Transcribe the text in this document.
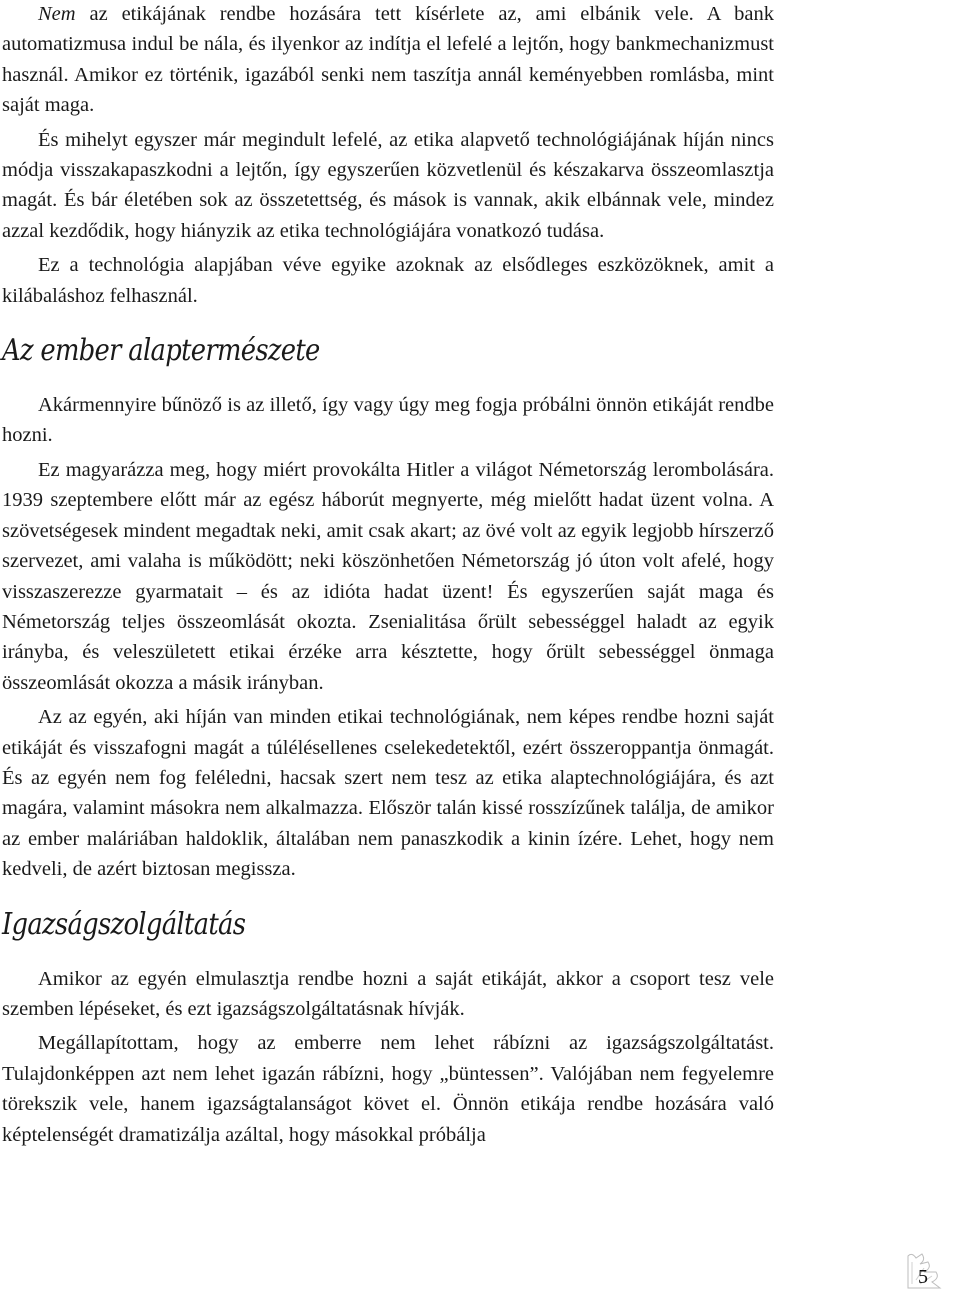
Nem az etikájának rendbe hozására tett kísérlete az, ami elbánik vele. A bank automatizmusa indul be nála, és ilyenkor az indítja el lefelé a lejtőn, hogy bankmechanizmust használ. Amikor ez történik, igazából senki nem taszítja annál keményebben romlásba, mint saját maga.

És mihelyt egyszer már megindult lefelé, az etika alapvető technológiájának híján nincs módja visszakapaszkodni a lejtőn, így egyszerűen közvetlenül és készakarva összeomlasztja magát. És bár életében sok az összetettség, és mások is vannak, akik elbánnak vele, mindez azzal kezdődik, hogy hiányzik az etika technológiájára vonatkozó tudása.

Ez a technológia alapjában véve egyike azoknak az elsődleges eszközöknek, amit a kilábaláshoz felhasznál.

Az ember alaptermészete

Akármennyire bűnöző is az illető, így vagy úgy meg fogja próbálni önnön etikáját rendbe hozni.

Ez magyarázza meg, hogy miért provokálta Hitler a világot Németország lerombolására. 1939 szeptembere előtt már az egész háborút megnyerte, még mielőtt hadat üzent volna. A szövetségesek mindent megadtak neki, amit csak akart; az övé volt az egyik legjobb hírszerző szervezet, ami valaha is működött; neki köszönhetően Németország jó úton volt afelé, hogy visszaszerezze gyarmatait – és az idióta hadat üzent! És egyszerűen saját maga és Németország teljes összeomlását okozta. Zsenialitása őrült sebességgel haladt az egyik irányba, és veleszületett etikai érzéke arra késztette, hogy őrült sebességgel önmaga összeomlását okozza a másik irányban.

Az az egyén, aki híján van minden etikai technológiának, nem képes rendbe hozni saját etikáját és visszafogni magát a túlélésellenes cselekedetektől, ezért összeroppantja önmagát. És az egyén nem fog feléledni, hacsak szert nem tesz az etika alaptechnológiájára, és azt magára, valamint másokra nem alkalmazza. Először talán kissé rosszízűnek találja, de amikor az ember maláriában haldoklik, általában nem panaszkodik a kinin ízére. Lehet, hogy nem kedveli, de azért biztosan megissza.

Igazságszolgáltatás

Amikor az egyén elmulasztja rendbe hozni a saját etikáját, akkor a csoport tesz vele szemben lépéseket, és ezt igazságszolgáltatásnak hívják.

Megállapítottam, hogy az emberre nem lehet rábízni az igazságszolgáltatást. Tulajdonképpen azt nem lehet igazán rábízni, hogy „büntessen”. Valójában nem fegyelemre törekszik vele, hanem igazságtalanságot követ el. Önnön etikája rendbe hozására való képtelenségét dramatizálja azáltal, hogy másokkal próbálja

5
